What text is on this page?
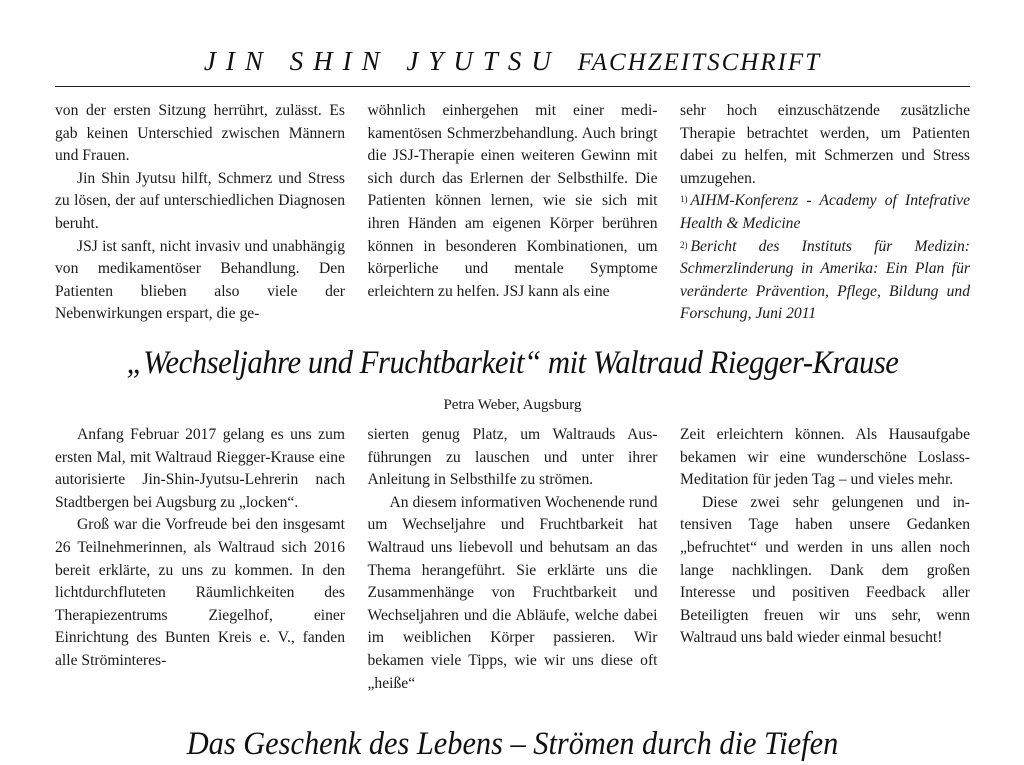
JIN SHIN JYUTSU FACHZEITSCHRIFT

von der ersten Sitzung herrührt, zulässt. Es gab keinen Unterschied zwischen Männern und Frauen.

Jin Shin Jyutsu hilft, Schmerz und Stress zu lösen, der auf unterschiedlichen Diagnosen beruht.

JSJ ist sanft, nicht invasiv und unabhängig von medikamentöser Behandlung. Den Patienten blieben also viele der Nebenwirkungen erspart, die ge-

wöhnlich einhergehen mit einer medikamentösen Schmerzbehandlung. Auch bringt die JSJ-Therapie einen weiteren Gewinn mit sich durch das Erlernen der Selbsthilfe. Die Patienten können lernen, wie sie sich mit ihren Händen am eigenen Körper berühren können in besonderen Kombinationen, um körperliche und mentale Symptome erleichtern zu helfen. JSJ kann als eine

sehr hoch einzuschätzende zusätzliche Therapie betrachtet werden, um Patienten dabei zu helfen, mit Schmerzen und Stress umzugehen.

$^{1)}$ AIHM-Konferenz - Academy of Intefrative Health & Medicine

$^{2)}$ Bericht des Instituts für Medizin: Schmerzlinderung in Amerika: Ein Plan für veränderte Prävention, Pflege, Bildung und Forschung, Juni 2011

„Wechseljahre und Fruchtbarkeit“ mit Waltraud Riegger-Krause
Petra Weber, Augsburg

Anfang Februar 2017 gelang es uns zum ersten Mal, mit Waltraud Riegger-Krause eine autorisierte Jin-Shin-Jyutsu-Lehrerin nach Stadtbergen bei Augsburg zu „locken“.

Groß war die Vorfreude bei den insgesamt 26 Teilnehmerinnen, als Waltraud sich 2016 bereit erklärte, zu uns zu kommen. In den lichtdurchfluteten Räumlichkeiten des Therapiezentrums Ziegelhof, einer Einrichtung des Bunten Kreis e. V., fanden alle Ströminteres-

sierten genug Platz, um Waltrauds Ausführungen zu lauschen und unter ihrer Anleitung in Selbsthilfe zu strömen.

An diesem informativen Wochenende rund um Wechseljahre und Fruchtbarkeit hat Waltraud uns liebevoll und behutsam an das Thema herangeführt. Sie erklärte uns die Zusammenhänge von Fruchtbarkeit und Wechseljahren und die Abläufe, welche dabei im weiblichen Körper passieren. Wir bekamen viele Tipps, wie wir uns diese oft „heiße“

Zeit erleichtern können. Als Hausaufgabe bekamen wir eine wunderschöne Loslass-Meditation für jeden Tag – und vieles mehr.

Diese zwei sehr gelungenen und intensiven Tage haben unsere Gedanken „befruchtet“ und werden in uns allen noch lange nachklingen. Dank dem großen Interesse und positiven Feedback aller Beteiligten freuen wir uns sehr, wenn Waltraud uns bald wieder einmal besucht!

Das Geschenk des Lebens – Strömen durch die Tiefen
